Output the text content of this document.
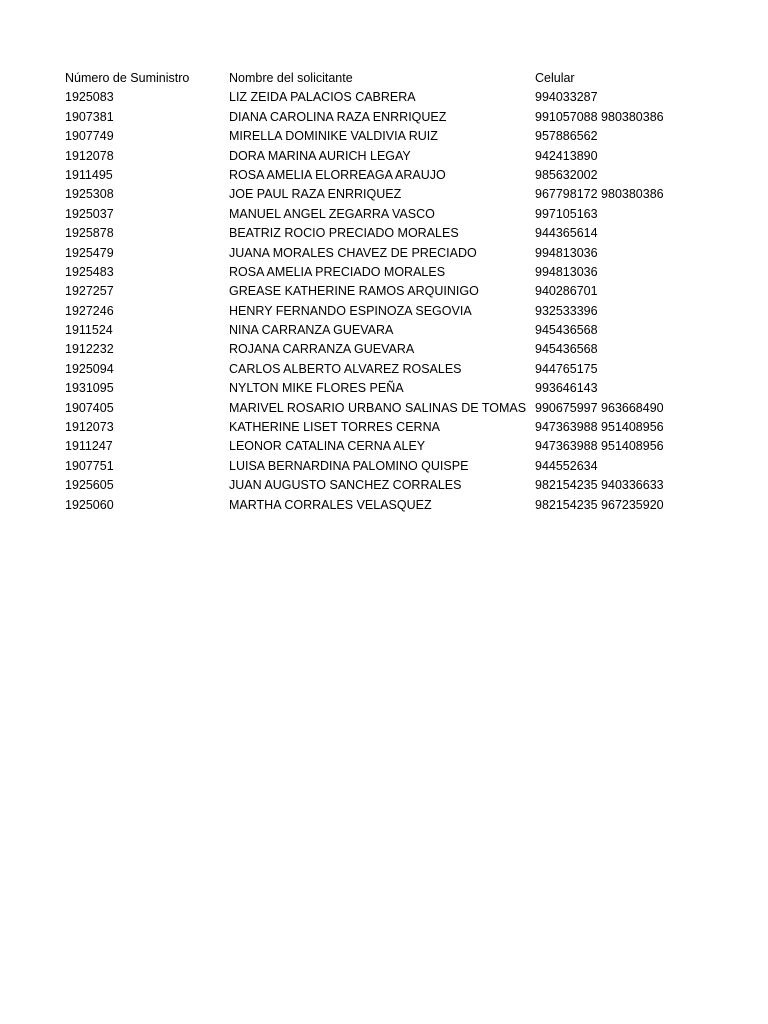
Número de Suministro	Nombre del solicitante	Celular
1925083	LIZ ZEIDA PALACIOS CABRERA	994033287
1907381	DIANA CAROLINA RAZA ENRRIQUEZ	991057088 980380386
1907749	MIRELLA DOMINIKE VALDIVIA RUIZ	957886562
1912078	DORA MARINA AURICH LEGAY	942413890
1911495	ROSA AMELIA ELORREAGA ARAUJO	985632002
1925308	JOE PAUL RAZA ENRRIQUEZ	967798172 980380386
1925037	MANUEL ANGEL ZEGARRA VASCO	997105163
1925878	BEATRIZ ROCIO PRECIADO MORALES	944365614
1925479	JUANA MORALES CHAVEZ DE PRECIADO	994813036
1925483	ROSA AMELIA PRECIADO MORALES	994813036
1927257	GREASE KATHERINE RAMOS ARQUINIGO	940286701
1927246	HENRY FERNANDO ESPINOZA SEGOVIA	932533396
1911524	NINA CARRANZA GUEVARA	945436568
1912232	ROJANA CARRANZA GUEVARA	945436568
1925094	CARLOS ALBERTO ALVAREZ ROSALES	944765175
1931095	NYLTON MIKE FLORES PEÑA	993646143
1907405	MARIVEL ROSARIO URBANO SALINAS DE TOMAS 990675997 963668490
1912073	KATHERINE LISET TORRES CERNA	947363988 951408956
1911247	LEONOR CATALINA CERNA ALEY	947363988 951408956
1907751	LUISA BERNARDINA PALOMINO QUISPE	944552634
1925605	JUAN AUGUSTO SANCHEZ CORRALES	982154235 940336633
1925060	MARTHA CORRALES VELASQUEZ	982154235 967235920
